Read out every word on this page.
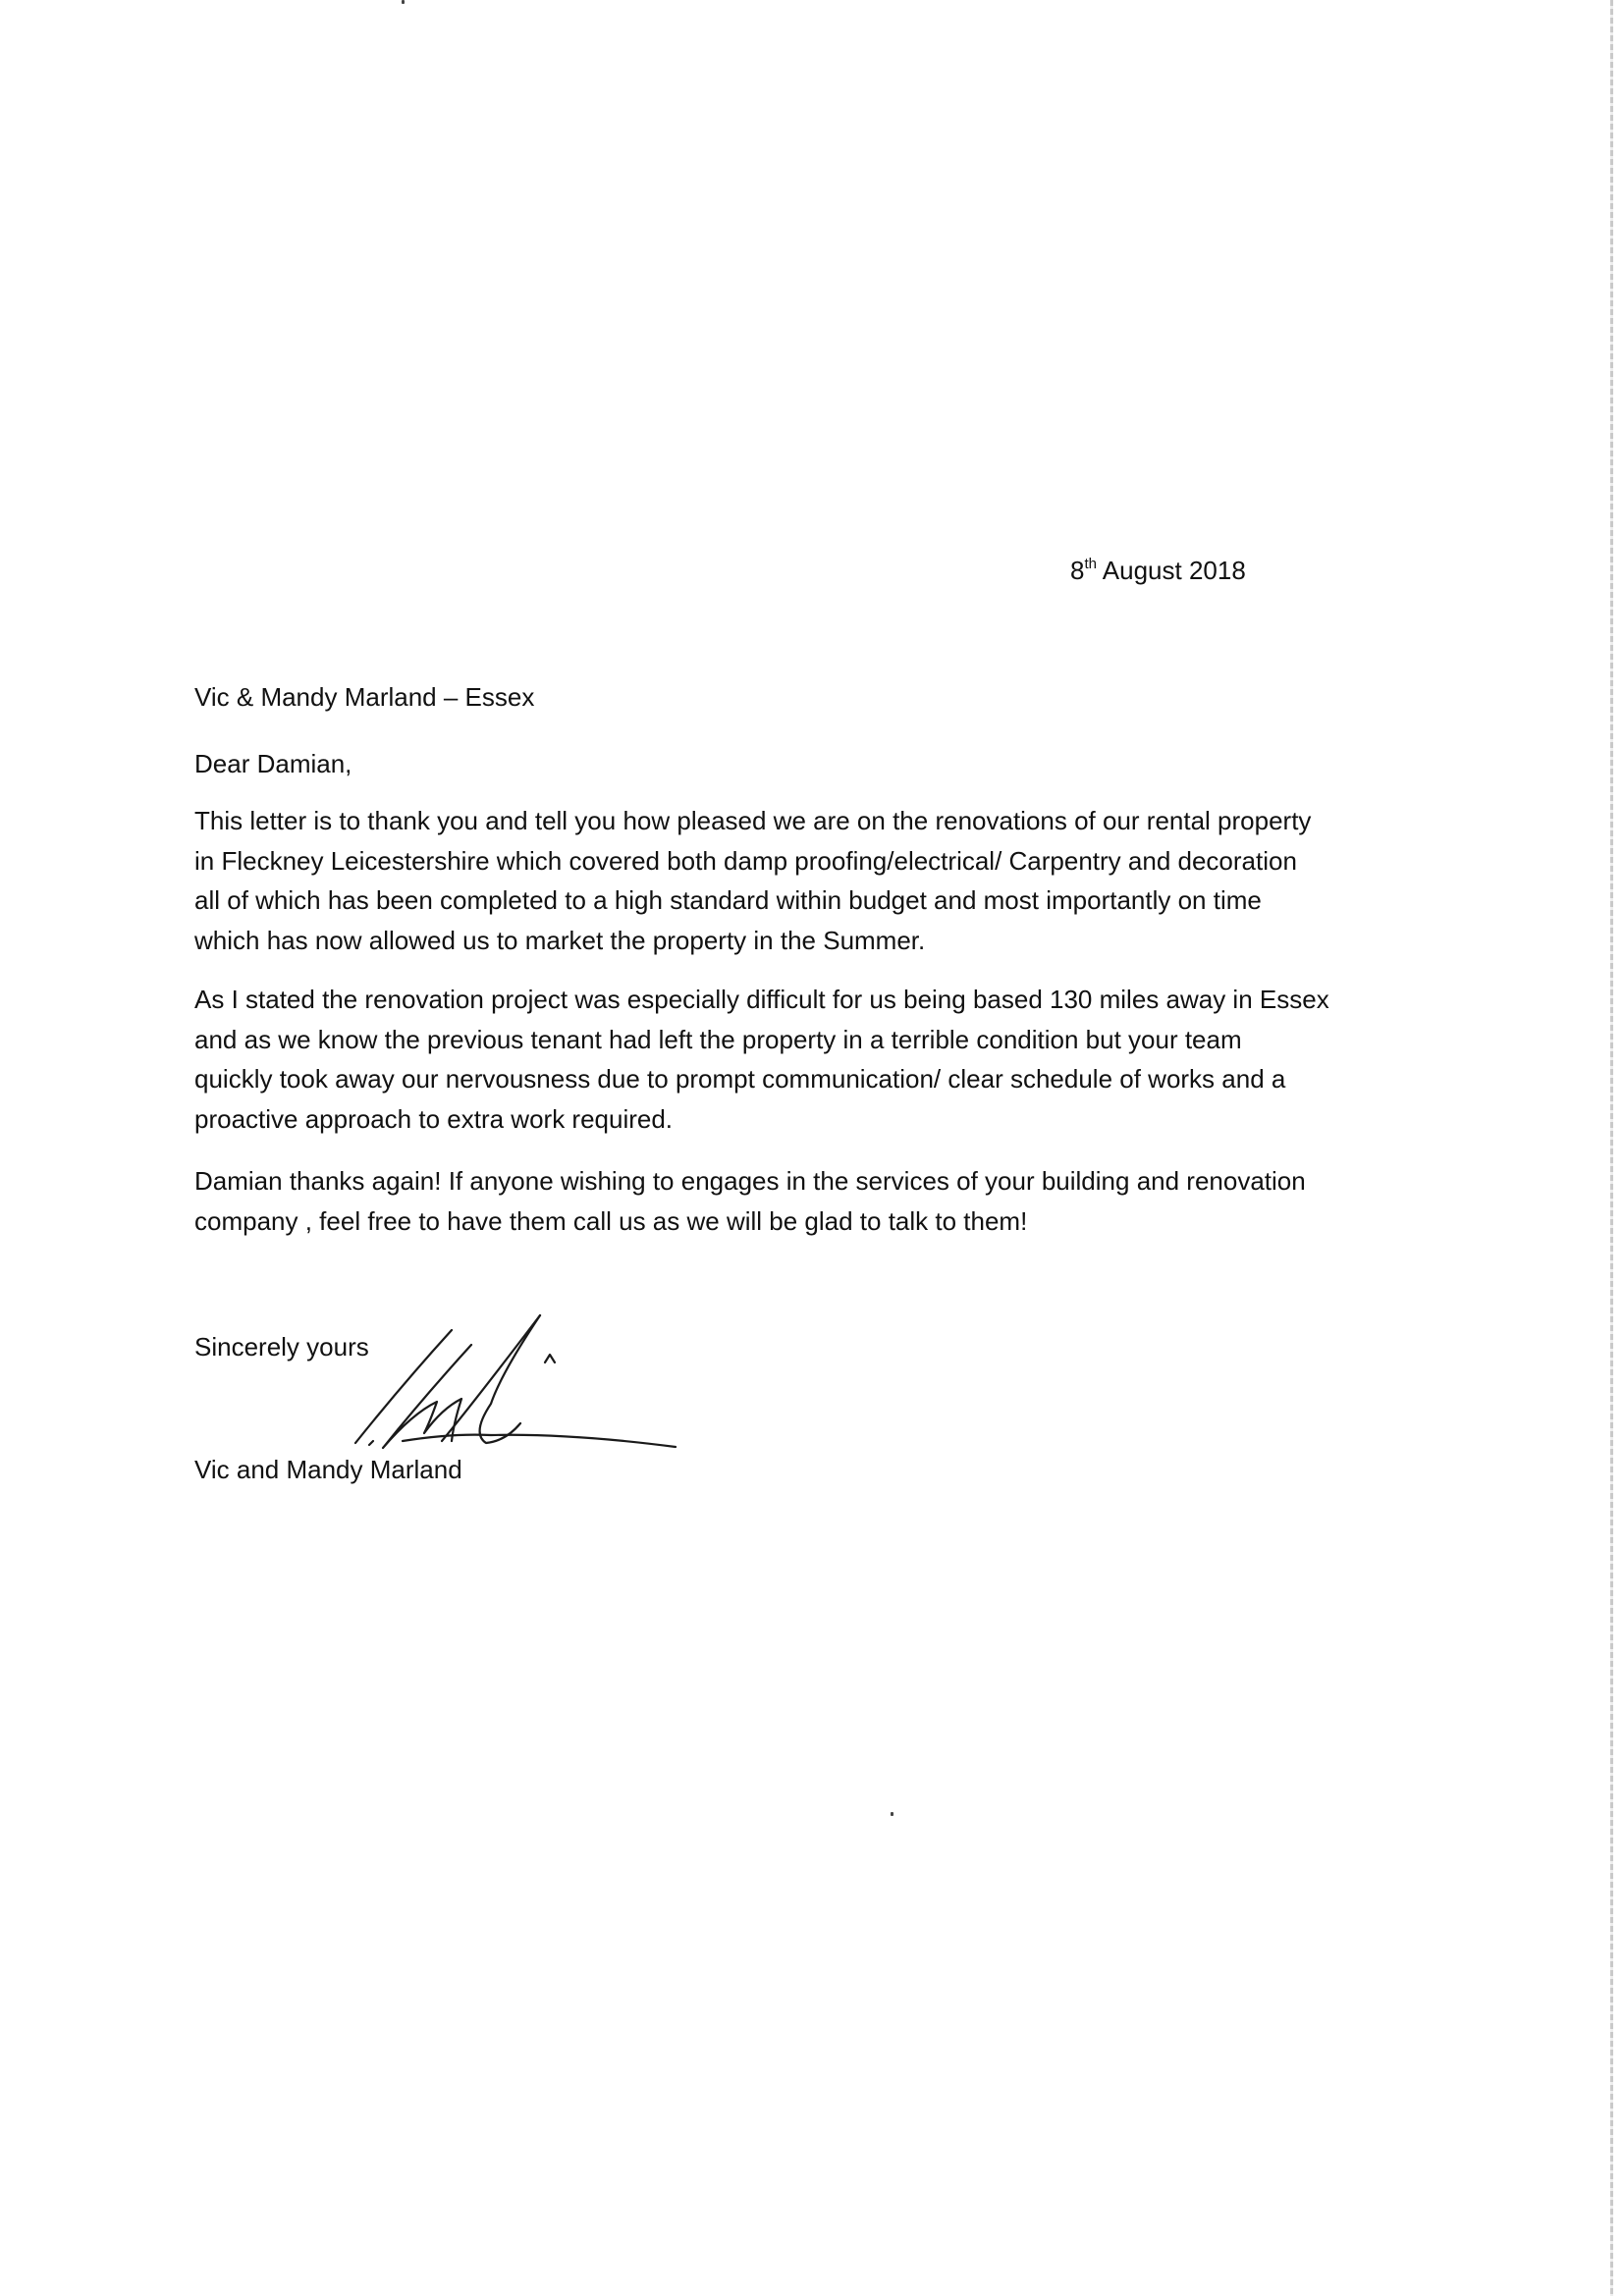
8th August 2018
Vic & Mandy Marland – Essex
Dear Damian,
This letter is to thank you and tell you how pleased we are on the renovations of our rental property
in Fleckney Leicestershire which covered both damp proofing/electrical/ Carpentry and decoration
all of which has been completed to a high standard within budget and most importantly on time
which has now allowed us to market the property in the Summer.
As I stated the renovation project was especially difficult for us being based 130 miles away in Essex
and as we know the previous tenant had left the property in a terrible condition but your team
quickly took away our nervousness due to prompt communication/ clear schedule of works and a
proactive approach to extra work required.
Damian thanks again! If anyone wishing to engages in the services of your building and renovation
company , feel free to have them call us as we will be glad to talk to them!
Sincerely yours
Vic and Mandy Marland
